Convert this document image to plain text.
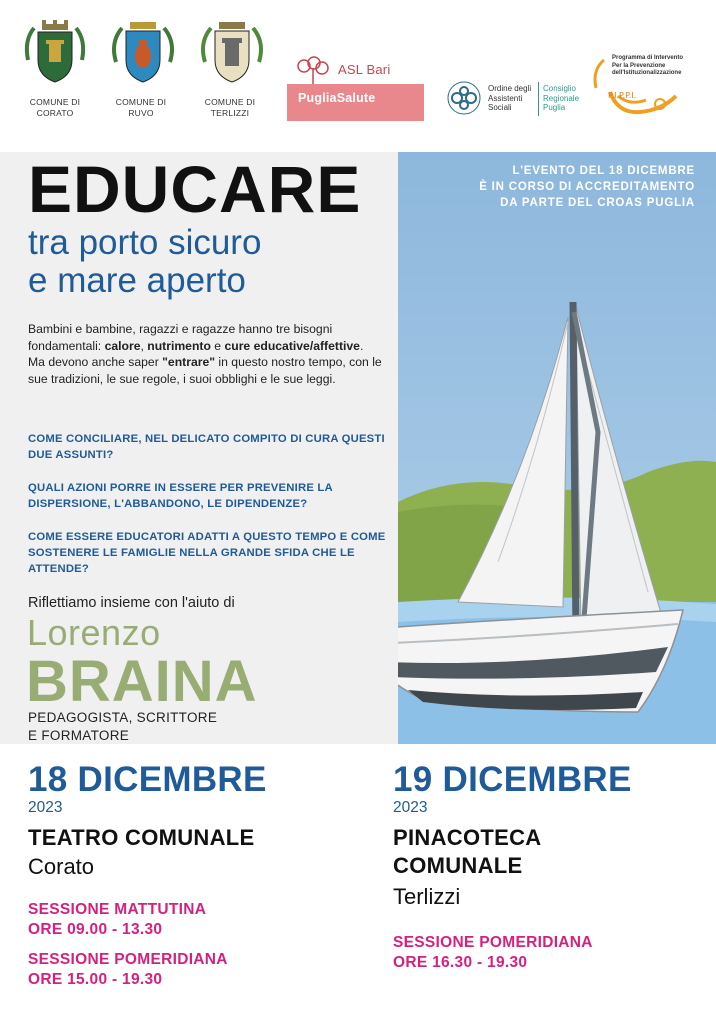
COMUNE DI
CORATO
COMUNE DI
RUVO
COMUNE DI
TERLIZZI
ASL Bari
PugliaSalute
Ordine degli
Assistenti
Sociali
Consiglio
Regionale
Puglia
P.I.P.P.I.
Programma di Intervento
Per la Prevenzione
dell'Istituzionalizzazione
L'EVENTO DEL 18 DICEMBRE
È IN CORSO DI ACCREDITAMENTO
DA PARTE DEL CROAS PUGLIA
EDUCARE
tra porto sicuro
e mare aperto
Bambini e bambine, ragazzi e ragazze hanno tre bisogni fondamentali: calore, nutrimento e cure educative/affettive.
Ma devono anche saper "entrare" in questo nostro tempo, con le sue tradizioni, le sue regole, i suoi obblighi e le sue leggi.
COME CONCILIARE, NEL DELICATO COMPITO DI CURA QUESTI DUE ASSUNTI?
QUALI AZIONI PORRE IN ESSERE PER PREVENIRE LA DISPERSIONE, L'ABBANDONO, LE DIPENDENZE?
COME ESSERE EDUCATORI ADATTI A QUESTO TEMPO E COME SOSTENERE LE FAMIGLIE NELLA GRANDE SFIDA CHE LE ATTENDE?
Riflettiamo insieme con l'aiuto di
Lorenzo
BRAINA
PEDAGOGISTA, SCRITTORE
E FORMATORE
18 DICEMBRE
2023
TEATRO COMUNALE
Corato
SESSIONE MATTUTINA
ORE 09.00 - 13.30
SESSIONE POMERIDIANA
ORE 15.00 - 19.30
19 DICEMBRE
2023
PINACOTECA
COMUNALE
Terlizzi
SESSIONE POMERIDIANA
ORE 16.30 - 19.30
